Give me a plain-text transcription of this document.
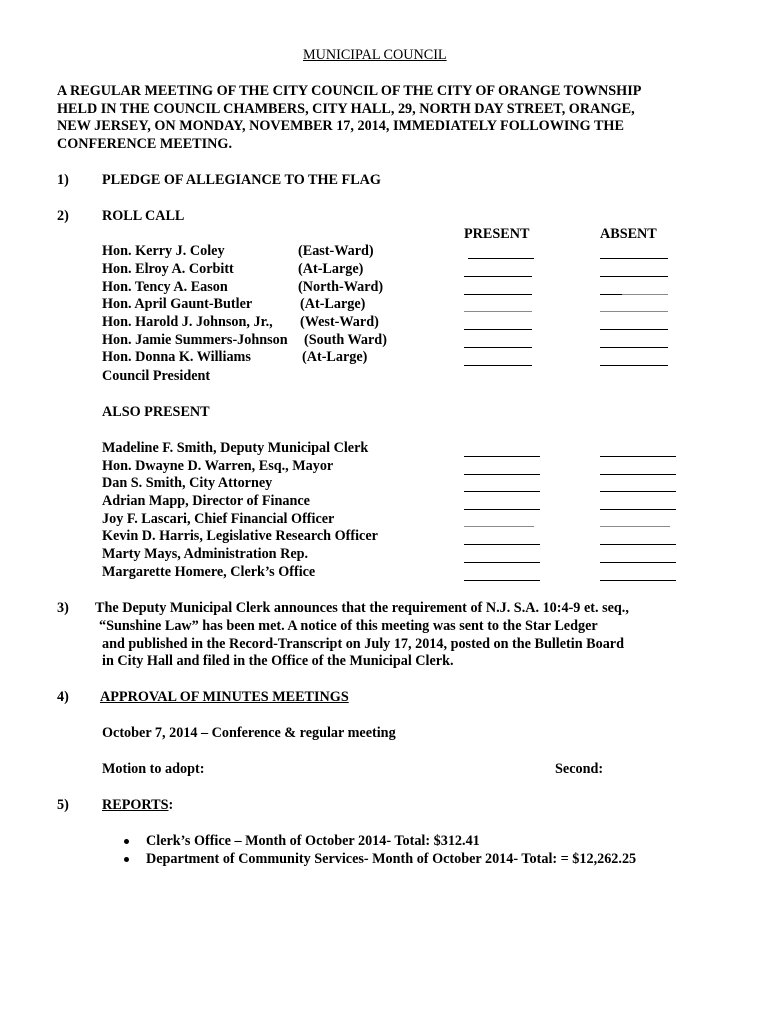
MUNICIPAL COUNCIL
A REGULAR MEETING OF THE CITY COUNCIL OF THE CITY OF ORANGE TOWNSHIP
HELD IN THE COUNCIL CHAMBERS, CITY HALL, 29, NORTH DAY STREET, ORANGE,
NEW JERSEY, ON MONDAY, NOVEMBER 17, 2014, IMMEDIATELY FOLLOWING THE
CONFERENCE MEETING.
1) PLEDGE OF ALLEGIANCE TO THE FLAG
2) ROLL CALL
PRESENT	ABSENT
Hon. Kerry J. Coley	(East-Ward)
Hon. Elroy A. Corbitt	(At-Large)
Hon. Tency A. Eason	(North-Ward)
Hon. April Gaunt-Butler	(At-Large)
Hon. Harold J. Johnson, Jr., (West-Ward)
Hon. Jamie Summers-Johnson (South Ward)
Hon. Donna K. Williams	(At-Large)
Council President
ALSO PRESENT
Madeline F. Smith, Deputy Municipal Clerk
Hon. Dwayne D. Warren, Esq., Mayor
Dan S. Smith, City Attorney
Adrian Mapp, Director of Finance
Joy F. Lascari, Chief Financial Officer
Kevin D. Harris, Legislative Research Officer
Marty Mays, Administration Rep.
Margarette Homere, Clerk’s Office
3) The Deputy Municipal Clerk announces that the requirement of N.J. S.A. 10:4-9 et. seq.,
“Sunshine Law” has been met. A notice of this meeting was sent to the Star Ledger
and published in the Record-Transcript on July 17, 2014, posted on the Bulletin Board
in City Hall and filed in the Office of the Municipal Clerk.
4) APPROVAL OF MINUTES MEETINGS
October 7, 2014 – Conference & regular meeting
Motion to adopt:	Second:
5) REPORTS:
Clerk’s Office – Month of October 2014- Total: $312.41
Department of Community Services- Month of October 2014- Total: = $12,262.25
